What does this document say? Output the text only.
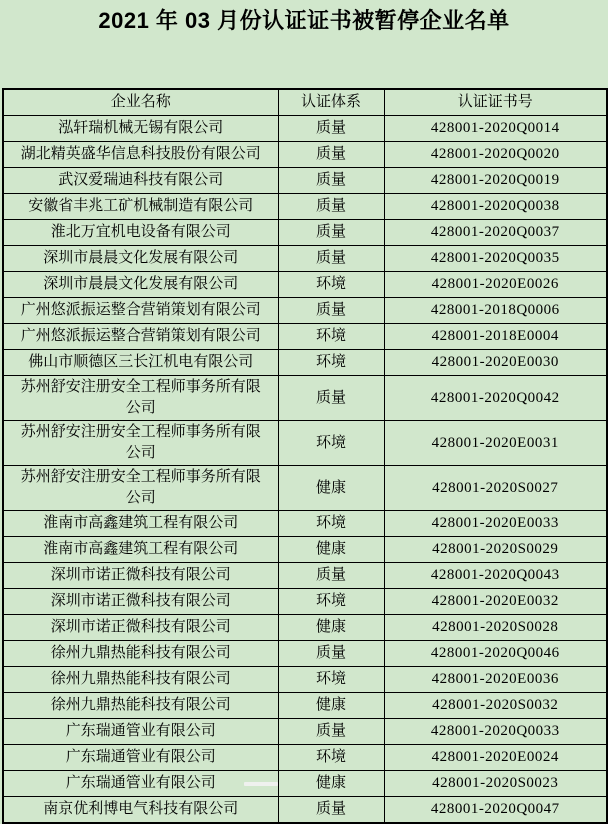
2021 年 03 月份认证证书被暂停企业名单
企业名称	认证体系	认证证书号
泓轩瑞机械无锡有限公司	质量	428001-2020Q0014
湖北精英盛华信息科技股份有限公司	质量	428001-2020Q0020
武汉爱瑞迪科技有限公司	质量	428001-2020Q0019
安徽省丰兆工矿机械制造有限公司	质量	428001-2020Q0038
淮北万宜机电设备有限公司	质量	428001-2020Q0037
深圳市晨晨文化发展有限公司	质量	428001-2020Q0035
深圳市晨晨文化发展有限公司	环境	428001-2020E0026
广州悠派振运整合营销策划有限公司	质量	428001-2018Q0006
广州悠派振运整合营销策划有限公司	环境	428001-2018E0004
佛山市顺德区三长江机电有限公司	环境	428001-2020E0030
苏州舒安注册安全工程师事务所有限公司	质量	428001-2020Q0042
苏州舒安注册安全工程师事务所有限公司	环境	428001-2020E0031
苏州舒安注册安全工程师事务所有限公司	健康	428001-2020S0027
淮南市高鑫建筑工程有限公司	环境	428001-2020E0033
淮南市高鑫建筑工程有限公司	健康	428001-2020S0029
深圳市诺正微科技有限公司	质量	428001-2020Q0043
深圳市诺正微科技有限公司	环境	428001-2020E0032
深圳市诺正微科技有限公司	健康	428001-2020S0028
徐州九鼎热能科技有限公司	质量	428001-2020Q0046
徐州九鼎热能科技有限公司	环境	428001-2020E0036
徐州九鼎热能科技有限公司	健康	428001-2020S0032
广东瑞通管业有限公司	质量	428001-2020Q0033
广东瑞通管业有限公司	环境	428001-2020E0024
广东瑞通管业有限公司	健康	428001-2020S0023
南京优利博电气科技有限公司	质量	428001-2020Q0047
